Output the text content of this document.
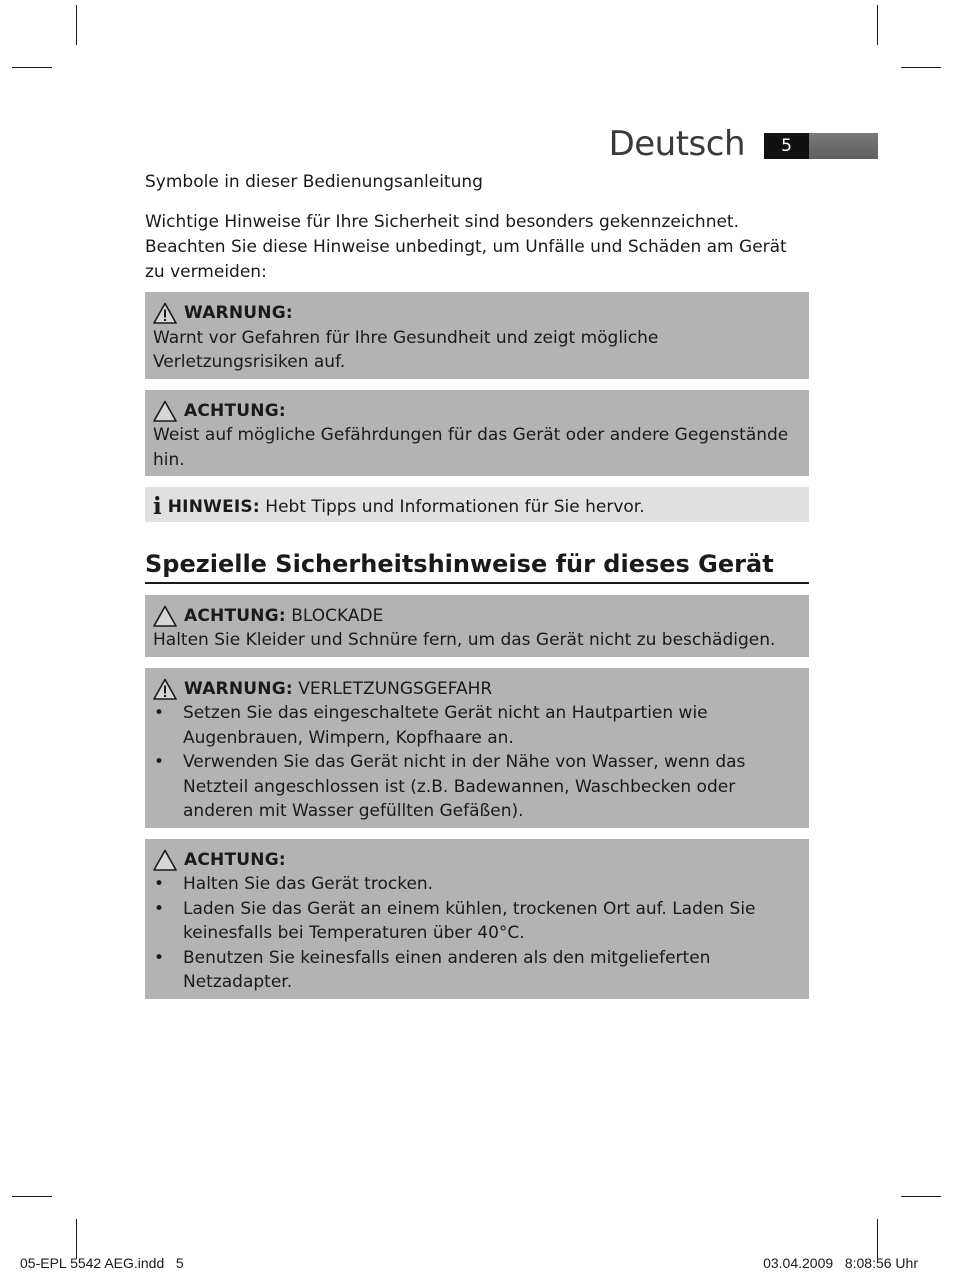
Deutsch	5
Symbole in dieser Bedienungsanleitung

Wichtige Hinweise für Ihre Sicherheit sind besonders gekennzeichnet. Beachten Sie diese Hinweise unbedingt, um Unfälle und Schäden am Gerät zu vermeiden:

WARNUNG:
Warnt vor Gefahren für Ihre Gesundheit und zeigt mögliche Verletzungsrisiken auf.
ACHTUNG:
Weist auf mögliche Gefährdungen für das Gerät oder andere Gegenstände hin.
i HINWEIS:
Hebt Tipps und Informationen für Sie hervor.
Spezielle Sicherheitshinweise für dieses Gerät
ACHTUNG:
BLOCKADE
Halten Sie Kleider und Schnüre fern, um das Gerät nicht zu beschädigen.
WARNUNG:
VERLETZUNGSGEFAHR
• Setzen Sie das eingeschaltete Gerät nicht an Hautpartien wie Augenbrauen, Wimpern, Kopfhaare an.
• Verwenden Sie das Gerät nicht in der Nähe von Wasser, wenn das Netzteil angeschlossen ist (z.B. Badewannen, Waschbecken oder anderen mit Wasser gefüllten Gefäßen).
ACHTUNG:
• Halten Sie das Gerät trocken.
• Laden Sie das Gerät an einem kühlen, trockenen Ort auf. Laden Sie keinesfalls bei Temperaturen über 40°C.
• Benutzen Sie keinesfalls einen anderen als den mitgelieferten Netzadapter.
05-EPL 5542 AEG.indd   5	03.04.2009   8:08:56 Uhr
